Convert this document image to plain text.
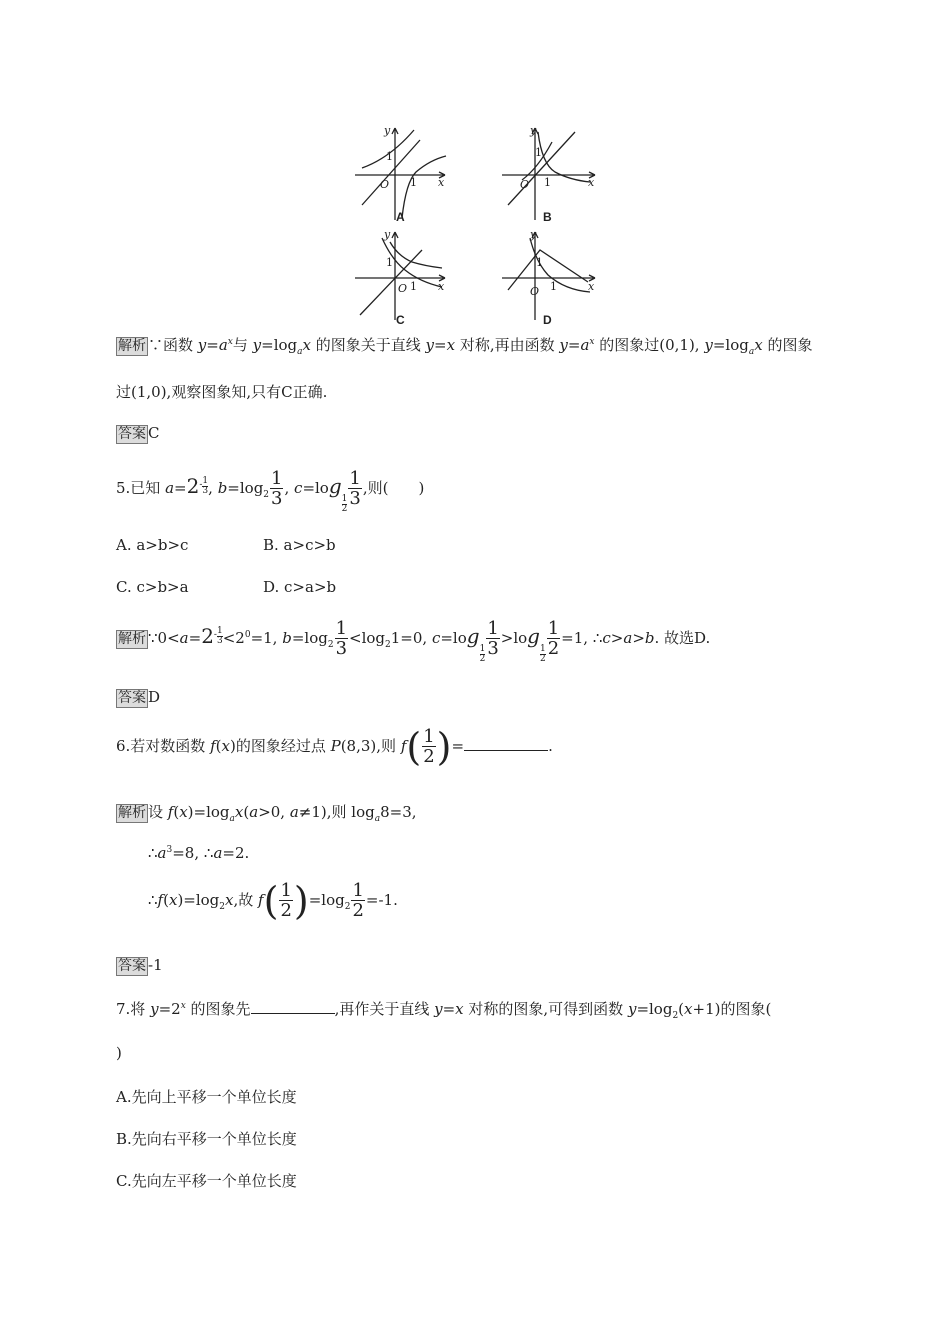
A	B
C	D
y
x
O
1
1
y
x
O
1
1
y
x
O
1
1
y
x
O
1
1
解析 ∵函数 $y=a^x$与 $y=\log_ax$ 的图象关于直线 y=x 对称,再由函数 $y=a^x$ 的图象过(0,1), $y=\log_ax$ 的图象
过(1,0),观察图象知,只有C正确.
答案 C
5.已知 $a=2^{- \frac{1}{3}}$ , $b=\log_2 \frac{1}{3}$ , c=log
$\frac{1}{2} \frac{1}{3}$ ,则(　　)
A. a>b>c	B. a>c>b
C. c>b>a	D. c>a>b
解析 $\because 0<a=2^{- \frac{1}{3}} <2^0=1$, $b=\log_2 \frac{1}{3} <\log_21=0$, c=log
$\frac{1}{2} \frac{1}{3} >\log$
$\frac{1}{2} \frac{1}{2} =1$, ∴c>a>b. 故选D.
答案 D
6.若对数函数 f(x)的图象经过点 P(8,3),则 $f( \frac{1}{2}$ )=	.
解析 设 $f(x)=\log_ax(a>0$, a≠1),则 $\log_a8=3$,
$\therefore a^3=8$, ∴a=2.
$\therefore f(x)=\log_2x$,故 $f( \frac{1}{2} )=\log_2 \frac{1}{2} =-1$.
答案 -1
7.将 $y=2^x$ 的图象先	,再作关于直线 y=x 对称的图象,可得到函数 $y=\log_2(x+1)$的图象(
)
A.先向上平移一个单位长度
B.先向右平移一个单位长度
C.先向左平移一个单位长度
